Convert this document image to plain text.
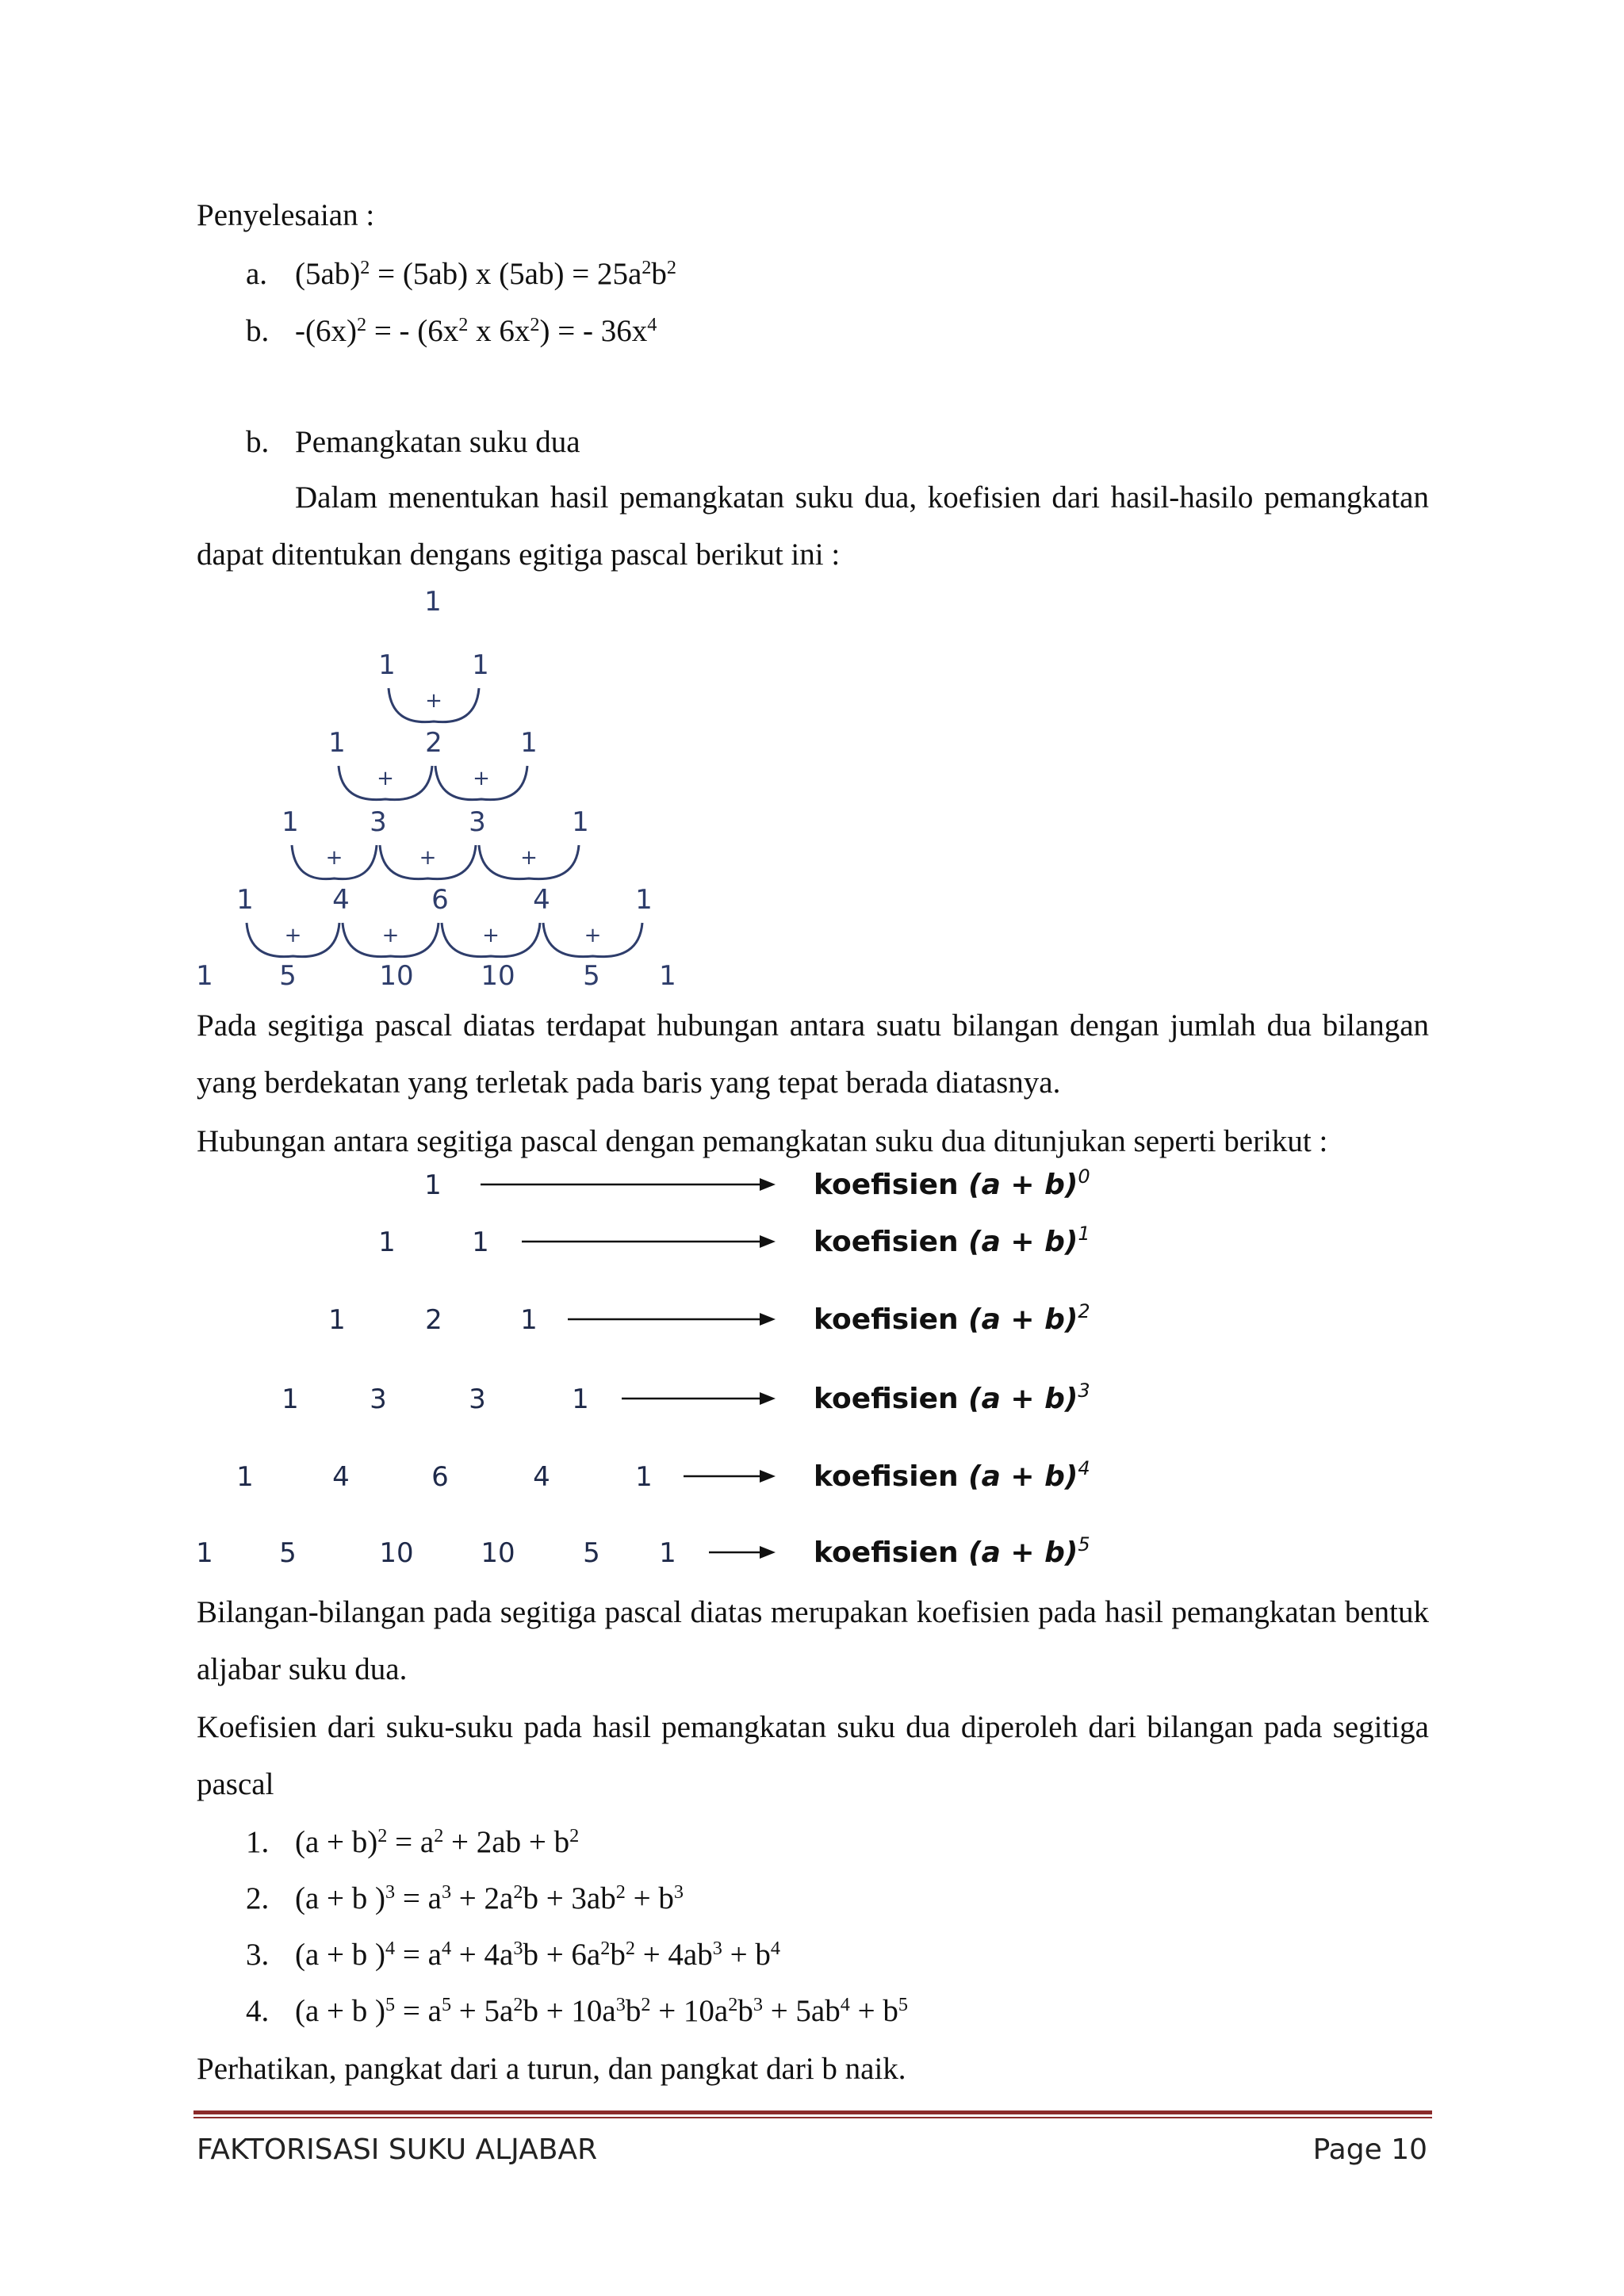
Penyelesaian :
a. $(5ab)^2 = (5ab)$ x $(5ab) = 25a^2b^2$
b. $-(6x)^2$ = - ($6x^2$ x $6x^2$) = - $36x^4$
b. Pemangkatan suku dua
Dalam menentukan hasil pemangkatan suku dua, koefisien dari hasil-hasilo pemangkatan dapat ditentukan dengans egitiga pascal berikut ini :
1
1	1
+
1	2	1
+	+
1	3	3	1
+	+	+
1	4	6	4	1
+	+	+	+
1 5	10 10	5 1
Pada segitiga pascal diatas terdapat hubungan antara suatu bilangan dengan jumlah dua bilangan yang berdekatan yang terletak pada baris yang tepat berada diatasnya.
Hubungan antara segitiga pascal dengan pemangkatan suku dua ditunjukan seperti berikut :
1	koefisien $(a + b)^0$
1	1	koefisien $(a + b)^1$
1	2	1	koefisien $(a + b)^2$
1	3	3	1	koefisien $(a + b)^3$
1	4	6	4	1	koefisien $(a + b)^4$
1 5	10 10	5 1	koefisien $(a + b)^5$
Bilangan-bilangan pada segitiga pascal diatas merupakan koefisien pada hasil pemangkatan bentuk aljabar suku dua.
Koefisien dari suku-suku pada hasil pemangkatan suku dua diperoleh dari bilangan pada segitiga pascal
1. $(a + b)^2 = a^2 + 2ab + b^2$
2. (a + b )$^3 = a^3 + 2a^2b + 3ab^2 + b^3$
3. (a + b )$^4 = a^4 + 4a^3b + 6a^2b^2 + 4ab^3 + b^4$
4. (a + b )$^5 = a^5 + 5a^2b + 10a^3b^2 + 10a^2b^3 + 5ab^4 + b^5$
Perhatikan, pangkat dari a turun, dan pangkat dari b naik.
FAKTORISASI SUKU ALJABAR	Page 10
